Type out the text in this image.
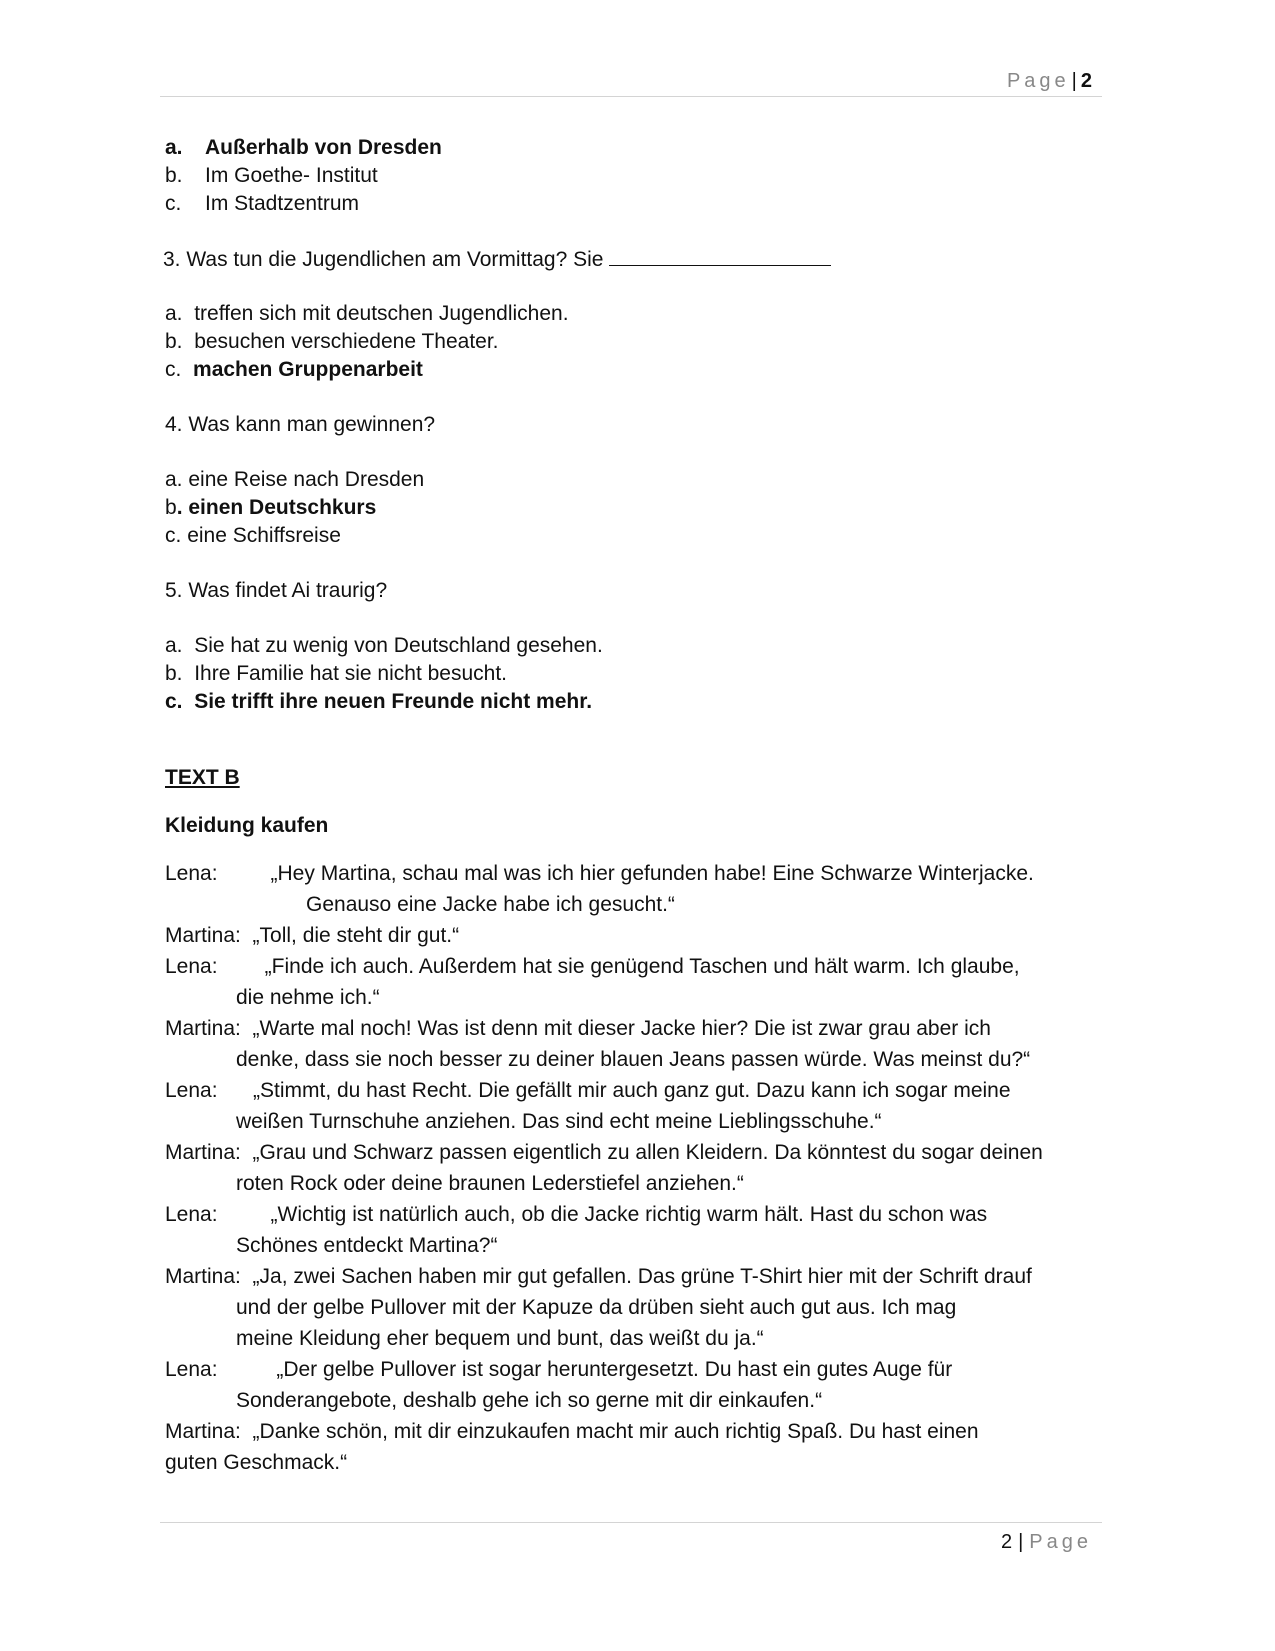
Page | 2
a. Außerhalb von Dresden
b. Im Goethe- Institut
c. Im Stadtzentrum
3. Was tun die Jugendlichen am Vormittag? Sie
a. treffen sich mit deutschen Jugendlichen.
b. besuchen verschiedene Theater.
c. machen Gruppenarbeit
4. Was kann man gewinnen?
a. eine Reise nach Dresden
b. einen Deutschkurs
c. eine Schiffsreise
5. Was findet Ai traurig?
a. Sie hat zu wenig von Deutschland gesehen.
b. Ihre Familie hat sie nicht besucht.
c. Sie trifft ihre neuen Freunde nicht mehr.
TEXT B
Kleidung kaufen
Lena:	„Hey Martina, schau mal was ich hier gefunden habe! Eine Schwarze Winterjacke.
Genauso eine Jacke habe ich gesucht.“
Martina: „Toll, die steht dir gut.“
Lena: „Finde ich auch. Außerdem hat sie genügend Taschen und hält warm. Ich glaube,
die nehme ich.“
Martina: „Warte mal noch! Was ist denn mit dieser Jacke hier? Die ist zwar grau aber ich
denke, dass sie noch besser zu deiner blauen Jeans passen würde. Was meinst du?“
Lena: „Stimmt, du hast Recht. Die gefällt mir auch ganz gut. Dazu kann ich sogar meine
weißen Turnschuhe anziehen. Das sind echt meine Lieblingsschuhe.“
Martina: „Grau und Schwarz passen eigentlich zu allen Kleidern. Da könntest du sogar deinen
roten Rock oder deine braunen Lederstiefel anziehen.“
Lena:	„Wichtig ist natürlich auch, ob die Jacke richtig warm hält. Hast du schon was
Schönes entdeckt Martina?“
Martina: „Ja, zwei Sachen haben mir gut gefallen. Das grüne T-Shirt hier mit der Schrift drauf
und der gelbe Pullover mit der Kapuze da drüben sieht auch gut aus. Ich mag
meine Kleidung eher bequem und bunt, das weißt du ja.“
Lena:	„Der gelbe Pullover ist sogar heruntergesetzt. Du hast ein gutes Auge für
Sonderangebote, deshalb gehe ich so gerne mit dir einkaufen.“
Martina: „Danke schön, mit dir einzukaufen macht mir auch richtig Spaß. Du hast einen
guten Geschmack.“
2 | Page
